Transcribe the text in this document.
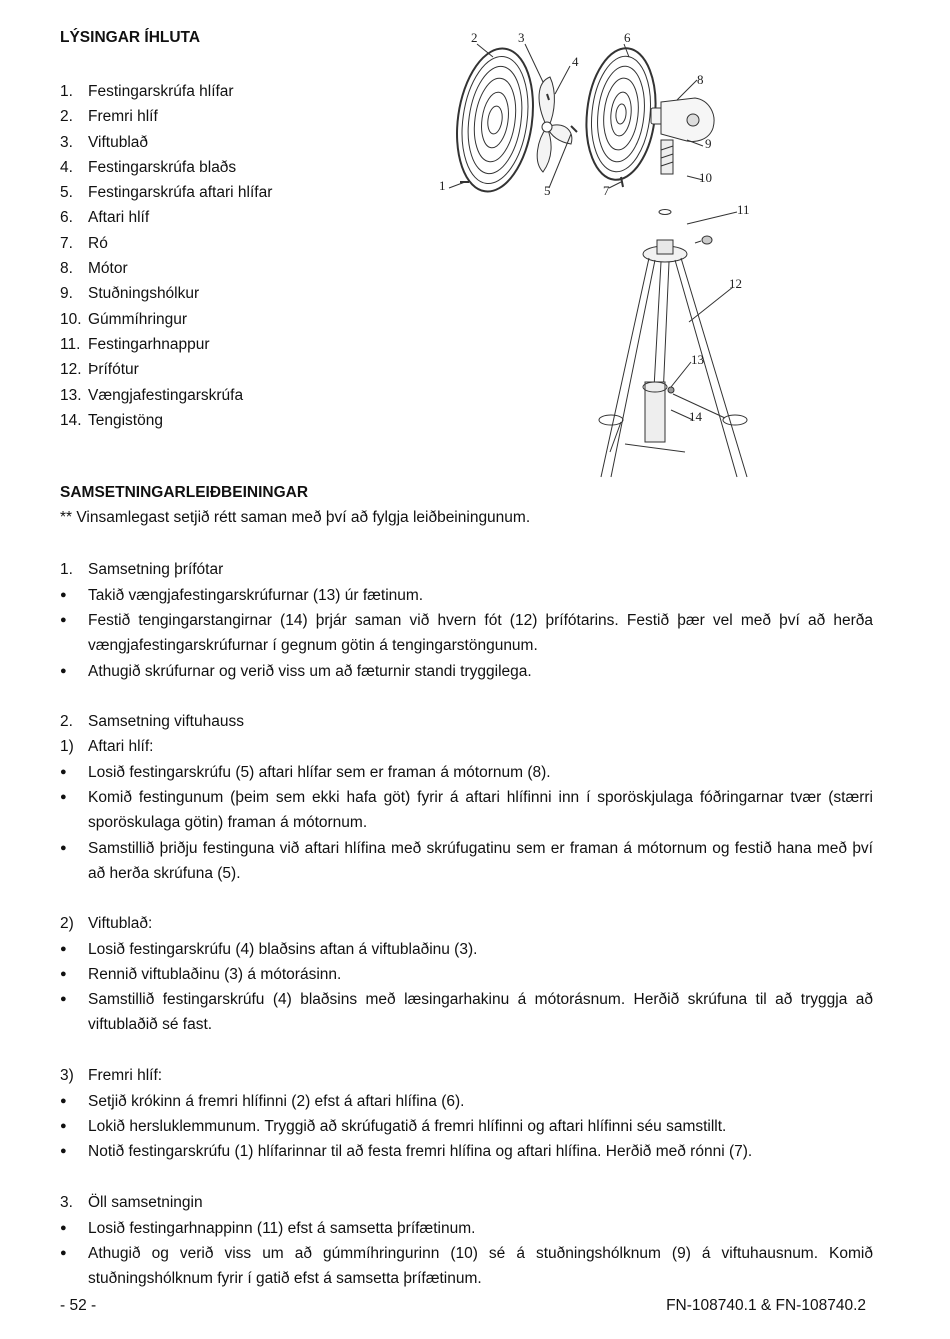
LÝSINGAR ÍHLUTA
1. Festingarskrúfa hlífar
2. Fremri hlíf
3. Viftublað
4. Festingarskrúfa blaðs
5. Festingarskrúfa aftari hlífar
6. Aftari hlíf
7. Ró
8. Mótor
9. Stuðningshólkur
10. Gúmmíhringur
11. Festingarhnappur
12. Þrífótur
13. Vængjafestingarskrúfa
14. Tengistöng
1
2	3
4
5
6
7
8
9
10
11
12
13
14
SAMSETNINGARLEIÐBEININGAR
** Vinsamlegast setjið rétt saman með því að fylgja leiðbeiningunum.
1. Samsetning þrífótar
● Takið vængjafestingarskrúfurnar (13) úr fætinum.
● Festið tengingarstangirnar (14) þrjár saman við hvern fót (12) þrífótarins. Festið þær vel með því að herða vængjafestingarskrúfurnar í gegnum götin á tengingarstöngunum.
● Athugið skrúfurnar og verið viss um að fæturnir standi tryggilega.
2. Samsetning viftuhauss
1) Aftari hlíf:
● Losið festingarskrúfu (5) aftari hlífar sem er framan á mótornum (8).
● Komið festingunum (þeim sem ekki hafa göt) fyrir á aftari hlífinni inn í sporöskjulaga fóðringarnar tvær (stærri sporöskulaga götin) framan á mótornum.
● Samstillið þriðju festinguna við aftari hlífina með skrúfugatinu sem er framan á mótornum og festið hana með því að herða skrúfuna (5).
2) Viftublað:
● Losið festingarskrúfu (4) blaðsins aftan á viftublaðinu (3).
● Rennið viftublaðinu (3) á mótorásinn.
● Samstillið festingarskrúfu (4) blaðsins með læsingarhakinu á mótorásnum. Herðið skrúfuna til að tryggja að viftublaðið sé fast.
3) Fremri hlíf:
● Setjið krókinn á fremri hlífinni (2) efst á aftari hlífina (6).
● Lokið hersluklemmunum. Tryggið að skrúfugatið á fremri hlífinni og aftari hlífinni séu samstillt.
● Notið festingarskrúfu (1) hlífarinnar til að festa fremri hlífina og aftari hlífina. Herðið með rónni (7).
3. Öll samsetningin
● Losið festingarhnappinn (11) efst á samsetta þrífætinum.
● Athugið og verið viss um að gúmmíhringurinn (10) sé á stuðningshólknum (9) á viftuhausnum. Komið stuðningshólknum fyrir í gatið efst á samsetta þrífætinum.
- 52 -	FN-108740.1 & FN-108740.2
